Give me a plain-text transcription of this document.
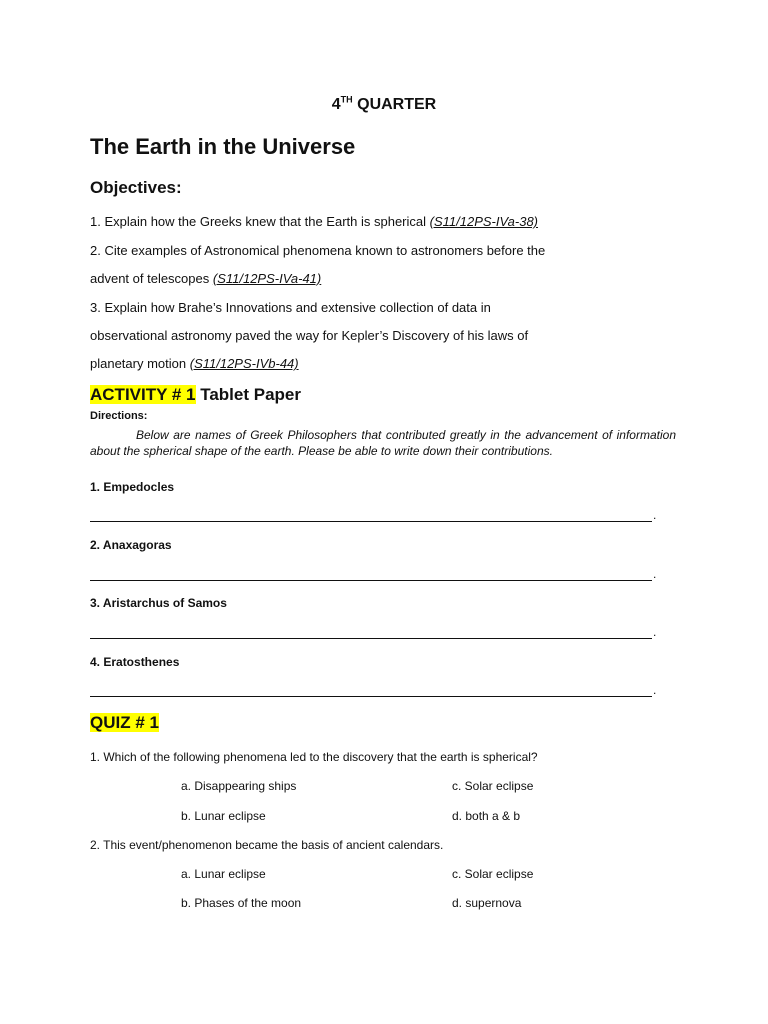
4TH QUARTER
The Earth in the Universe
Objectives:
1. Explain how the Greeks knew that the Earth is spherical (S11/12PS-IVa-38)
2. Cite examples of Astronomical phenomena known to astronomers before the
advent of telescopes (S11/12PS-IVa-41)
3. Explain how Brahe’s Innovations and extensive collection of data in
observational astronomy paved the way for Kepler’s Discovery of his laws of
planetary motion (S11/12PS-IVb-44)
ACTIVITY # 1 Tablet Paper
Directions:
Below are names of Greek Philosophers that contributed greatly in the advancement of information about the spherical shape of the earth. Please be able to write down their contributions.
1. Empedocles
.
2. Anaxagoras
.
3. Aristarchus of Samos
.
4. Eratosthenes
.
QUIZ # 1
1. Which of the following phenomena led to the discovery that the earth is spherical?
a. Disappearing ships	c. Solar eclipse
b. Lunar eclipse	d. both a & b
2. This event/phenomenon became the basis of ancient calendars.
a. Lunar eclipse	c. Solar eclipse
b. Phases of the moon	d. supernova
